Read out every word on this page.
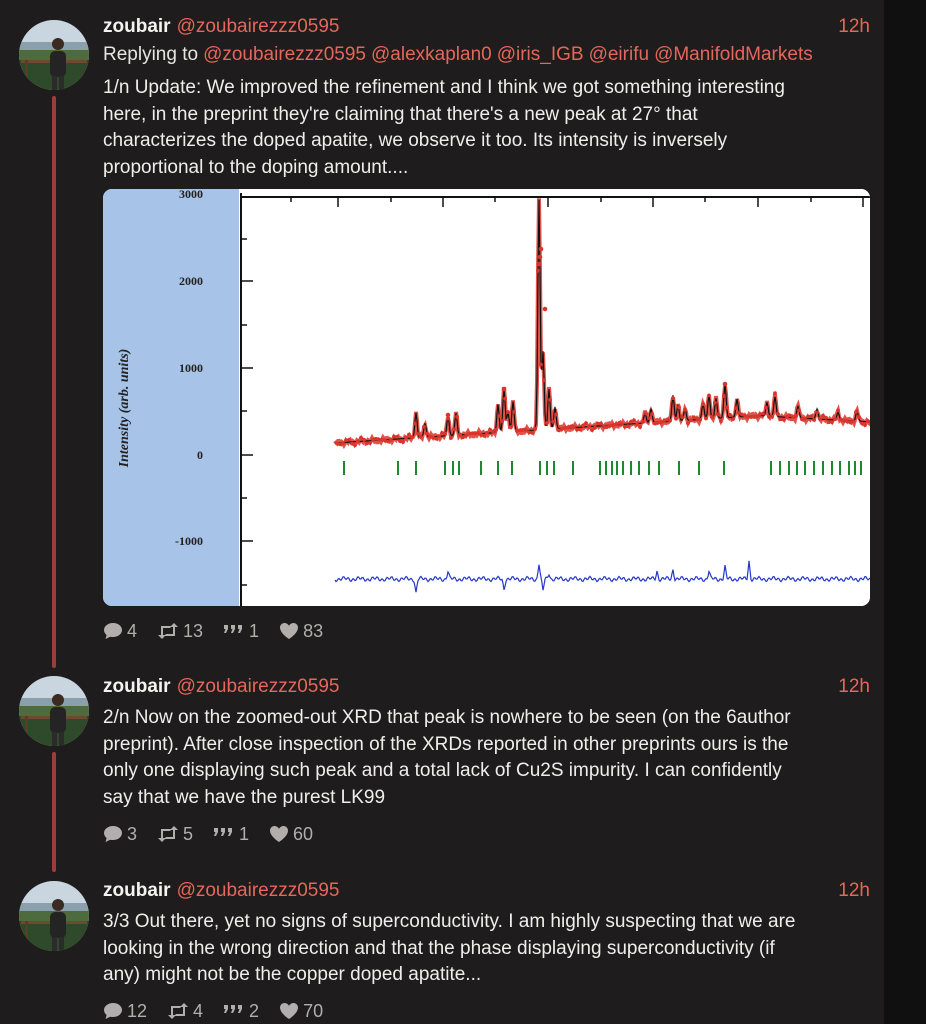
zoubair @zoubairezzz0595	12h
Replying to @zoubairezzz0595 @alexkaplan0 @iris_IGB @eirifu @ManifoldMarkets
1/n Update: We improved the refinement and I think we got something interesting
here, in the preprint they're claiming that there's a new peak at 27° that
characterizes the doped apatite, we observe it too. Its intensity is inversely
proportional to the doping amount....
3000
2000
1000
0
-1000
Intensity (arb. units)
4	13	1 83
zoubair @zoubairezzz0595	12h
2/n Now on the zoomed-out XRD that peak is nowhere to be seen (on the 6author
preprint). After close inspection of the XRDs reported in other preprints ours is the
only one displaying such peak and a total lack of Cu2S impurity. I can confidently
say that we have the purest LK99
3	5	1 60
zoubair @zoubairezzz0595	12h
3/3 Out there, yet no signs of superconductivity. I am highly suspecting that we are
looking in the wrong direction and that the phase displaying superconductivity (if
any) might not be the copper doped apatite...
12	4	2 70
